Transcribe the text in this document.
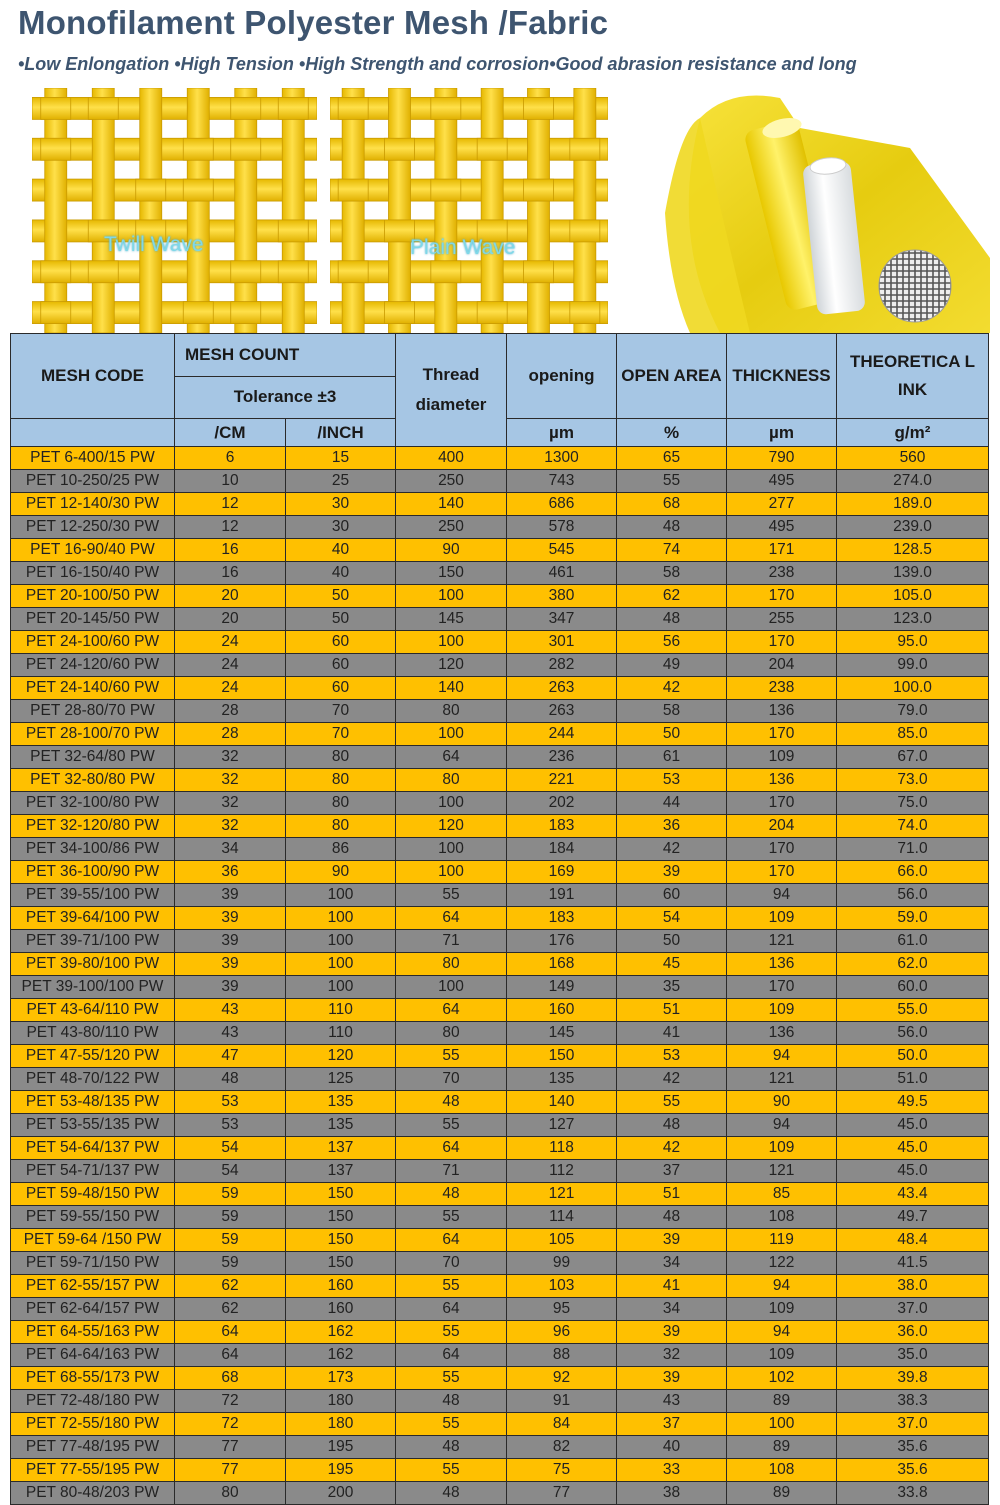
Monofilament Polyester Mesh /Fabric
•Low Enlongation •High Tension •High Strength and corrosion•Good abrasion resistance and long
Twill Wave	Plain Wave
MESH CODE	MESH COUNT		Thread diameter	opening	OPEN AREA	THICKNESS	THEORETICA L INK
	Tolerance ±3						
	/CM	/INCH		µm	%	µm	g/m²
PET 6-400/15 PW	6	15	400	1300	65	790	560
PET 10-250/25 PW	10	25	250	743	55	495	274.0
PET 12-140/30 PW	12	30	140	686	68	277	189.0
PET 12-250/30 PW	12	30	250	578	48	495	239.0
PET 16-90/40 PW	16	40	90	545	74	171	128.5
PET 16-150/40 PW	16	40	150	461	58	238	139.0
PET 20-100/50 PW	20	50	100	380	62	170	105.0
PET 20-145/50 PW	20	50	145	347	48	255	123.0
PET 24-100/60 PW	24	60	100	301	56	170	95.0
PET 24-120/60 PW	24	60	120	282	49	204	99.0
PET 24-140/60 PW	24	60	140	263	42	238	100.0
PET 28-80/70 PW	28	70	80	263	58	136	79.0
PET 28-100/70 PW	28	70	100	244	50	170	85.0
PET 32-64/80 PW	32	80	64	236	61	109	67.0
PET 32-80/80 PW	32	80	80	221	53	136	73.0
PET 32-100/80 PW	32	80	100	202	44	170	75.0
PET 32-120/80 PW	32	80	120	183	36	204	74.0
PET 34-100/86 PW	34	86	100	184	42	170	71.0
PET 36-100/90 PW	36	90	100	169	39	170	66.0
PET 39-55/100 PW	39	100	55	191	60	94	56.0
PET 39-64/100 PW	39	100	64	183	54	109	59.0
PET 39-71/100 PW	39	100	71	176	50	121	61.0
PET 39-80/100 PW	39	100	80	168	45	136	62.0
PET 39-100/100 PW	39	100	100	149	35	170	60.0
PET 43-64/110 PW	43	110	64	160	51	109	55.0
PET 43-80/110 PW	43	110	80	145	41	136	56.0
PET 47-55/120 PW	47	120	55	150	53	94	50.0
PET 48-70/122 PW	48	125	70	135	42	121	51.0
PET 53-48/135 PW	53	135	48	140	55	90	49.5
PET 53-55/135 PW	53	135	55	127	48	94	45.0
PET 54-64/137 PW	54	137	64	118	42	109	45.0
PET 54-71/137 PW	54	137	71	112	37	121	45.0
PET 59-48/150 PW	59	150	48	121	51	85	43.4
PET 59-55/150 PW	59	150	55	114	48	108	49.7
PET 59-64 /150 PW	59	150	64	105	39	119	48.4
PET 59-71/150 PW	59	150	70	99	34	122	41.5
PET 62-55/157 PW	62	160	55	103	41	94	38.0
PET 62-64/157 PW	62	160	64	95	34	109	37.0
PET 64-55/163 PW	64	162	55	96	39	94	36.0
PET 64-64/163 PW	64	162	64	88	32	109	35.0
PET 68-55/173 PW	68	173	55	92	39	102	39.8
PET 72-48/180 PW	72	180	48	91	43	89	38.3
PET 72-55/180 PW	72	180	55	84	37	100	37.0
PET 77-48/195 PW	77	195	48	82	40	89	35.6
PET 77-55/195 PW	77	195	55	75	33	108	35.6
PET 80-48/203 PW	80	200	48	77	38	89	33.8
